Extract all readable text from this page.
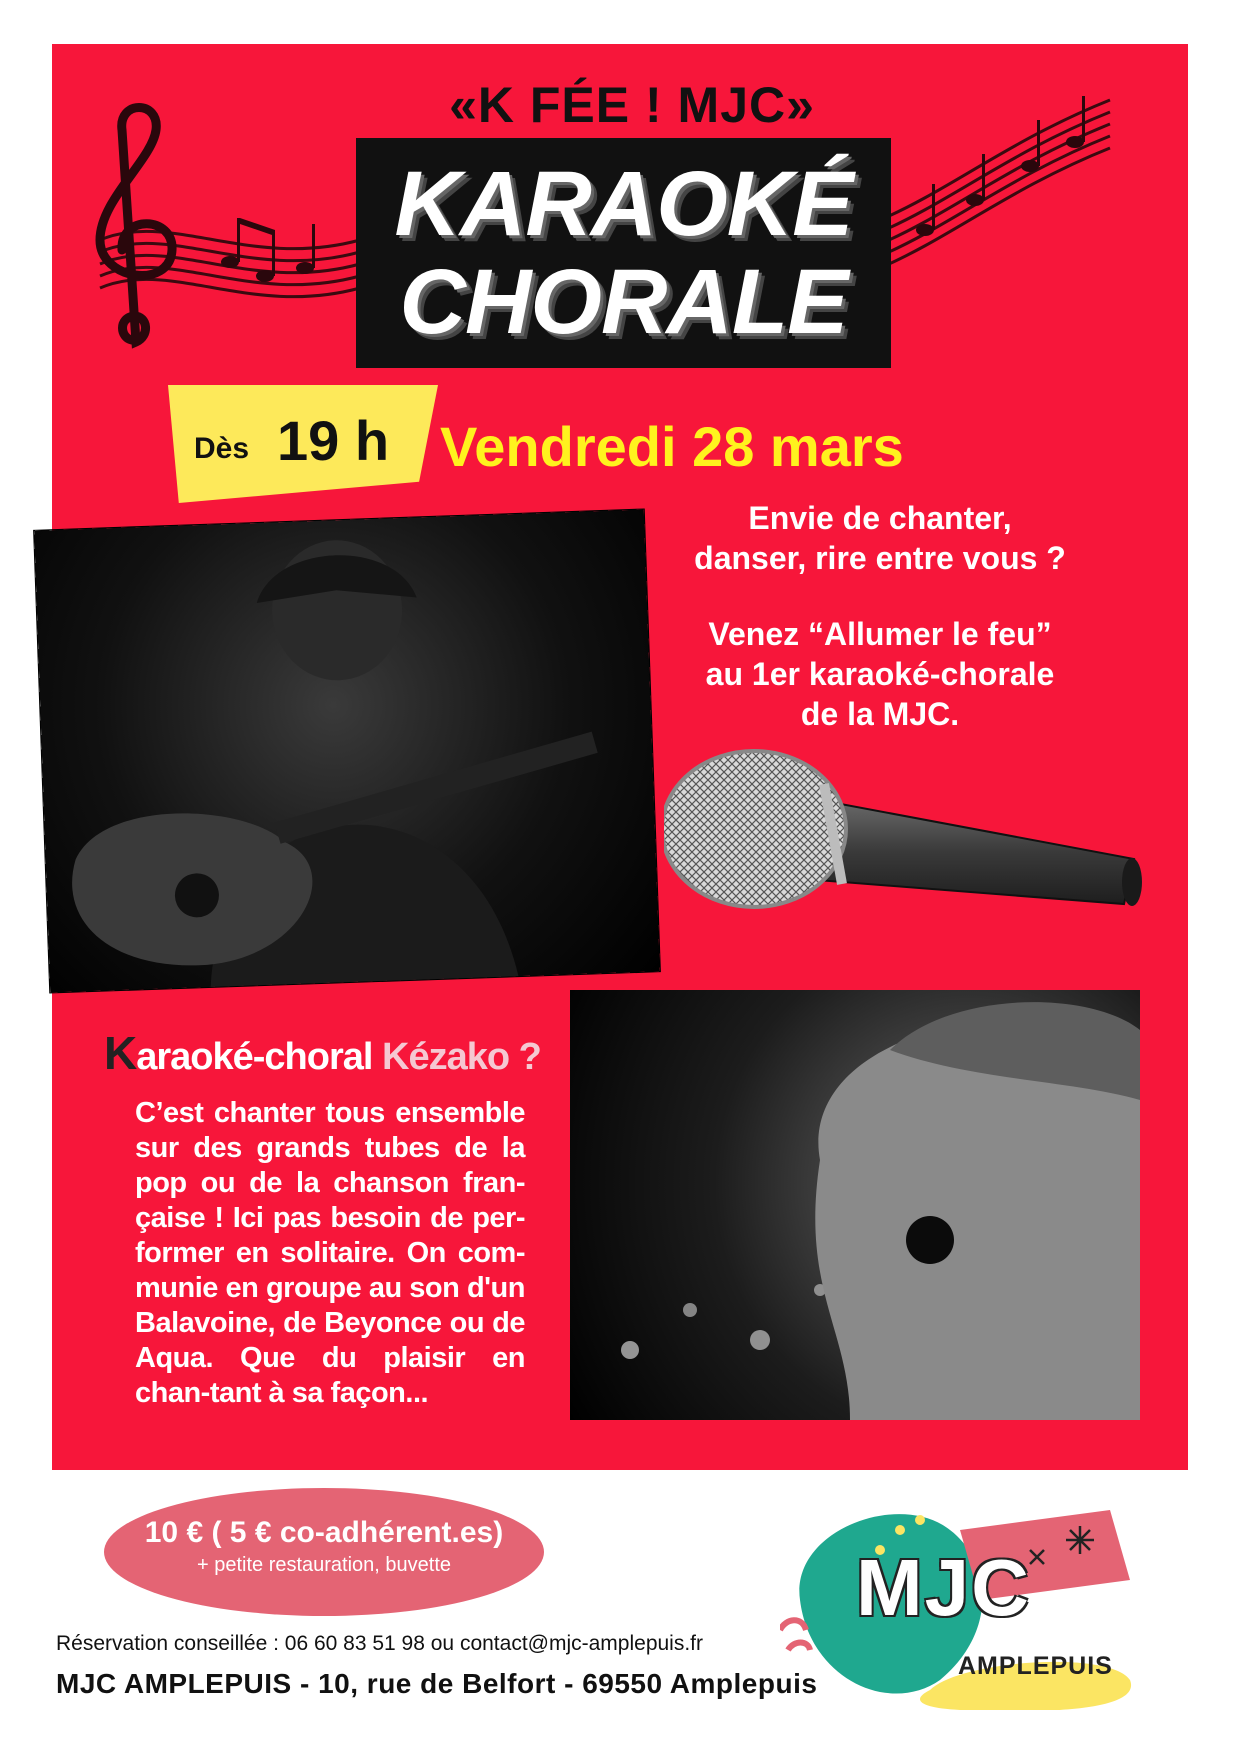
«K FÉE ! MJC»
KARAOKÉ
CHORALE
Dès 19 h Vendredi 28 mars

Envie de chanter,

danser, rire entre vous ?

Venez “Allumer le feu”

au 1er karaoké-chorale

de la MJC.

Karaoké-choral Kézako ?
C’est chanter tous ensemble sur des grands tubes de la pop ou de la chanson fran-çaise ! Ici pas besoin de per-former en solitaire. On com-munie en groupe au son d'un Balavoine, de Beyonce ou de Aqua. Que du plaisir en chan-tant à sa façon...
10 € ( 5 € co-adhérent.es)
+ petite restauration, buvette
Réservation conseillée : 06 60 83 51 98 ou contact@mjc-amplepuis.fr
MJC AMPLEPUIS - 10, rue de Belfort - 69550 Amplepuis
MJC
AMPLEPUIS
